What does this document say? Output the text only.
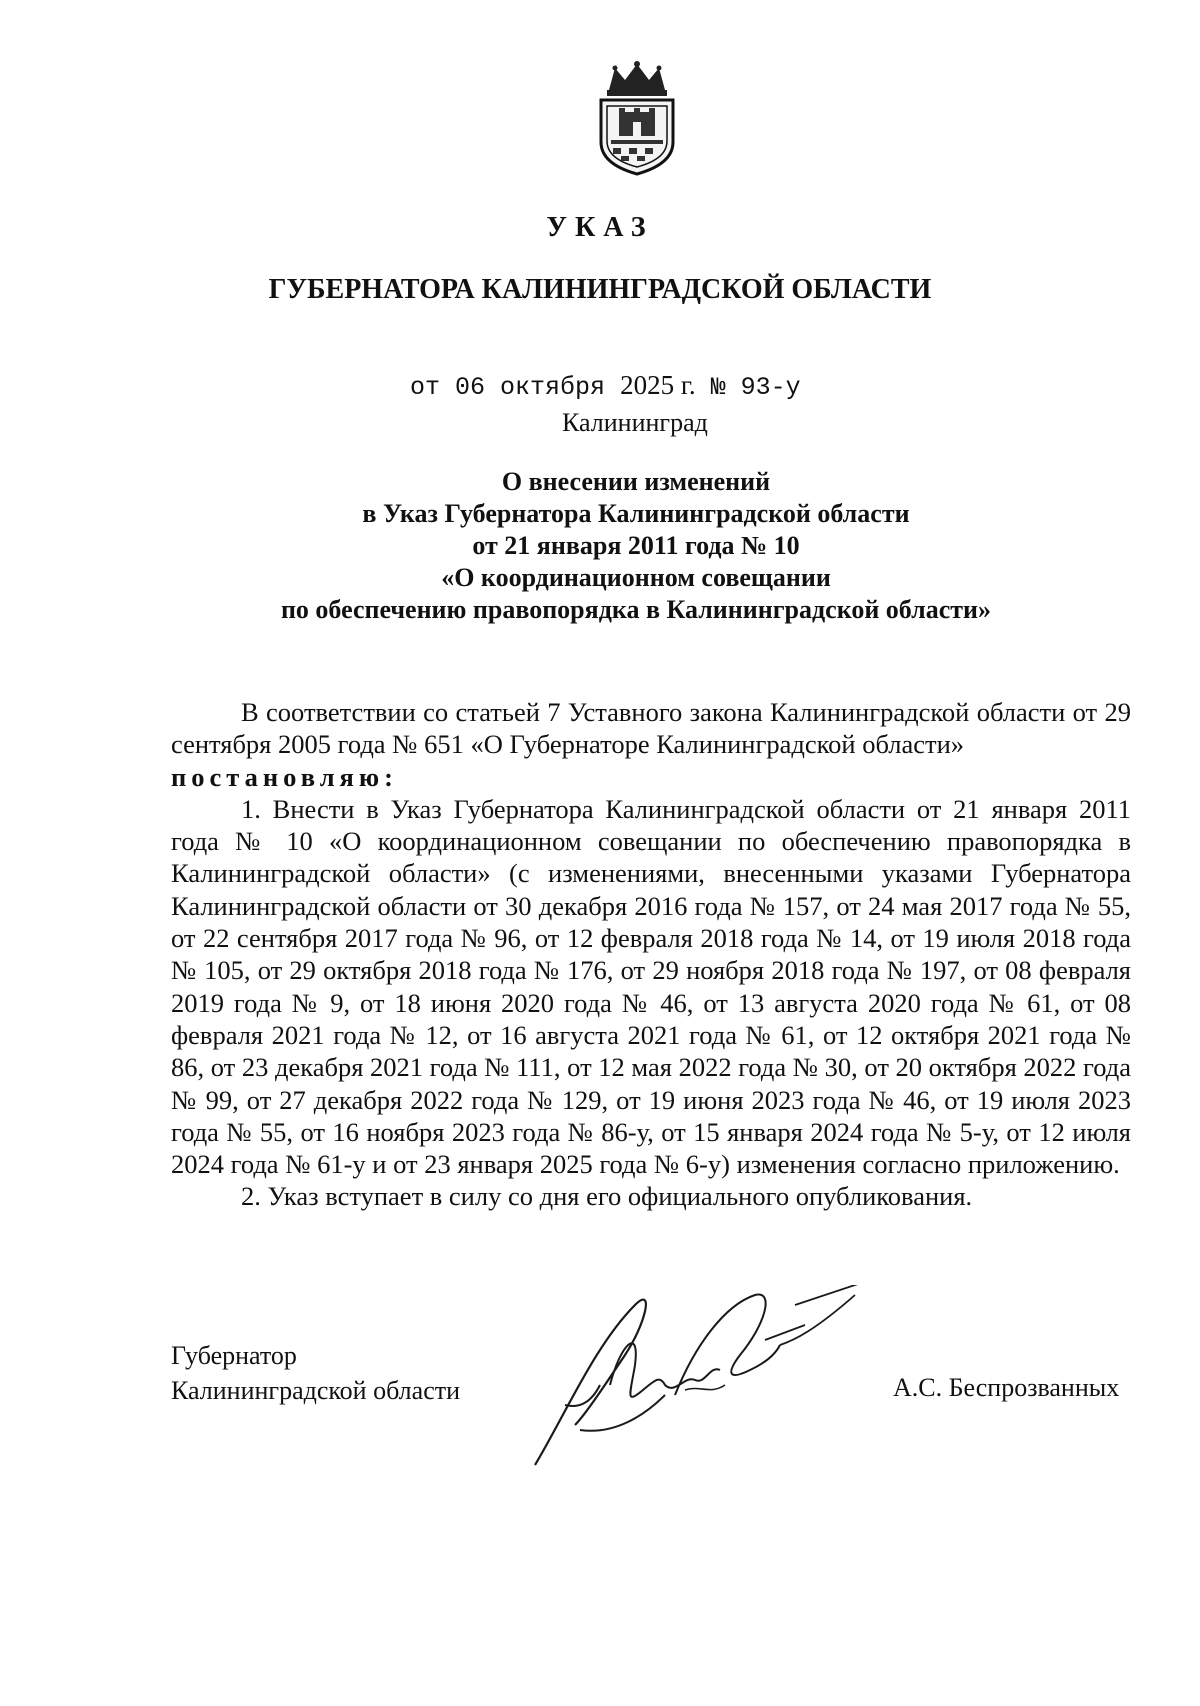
УКАЗ
ГУБЕРНАТОРА КАЛИНИНГРАДСКОЙ ОБЛАСТИ
от 06 октября 2025 г. № 93-у
Калининград
О внесении изменений
в Указ Губернатора Калининградской области
от 21 января 2011 года № 10
«О координационном совещании
по обеспечению правопорядка в Калининградской области»

В соответствии со статьей 7 Уставного закона Калининградской области от 29 сентября 2005 года № 651 «О Губернаторе Калининградской области»

постановляю:

1. Внести в Указ Губернатора Калининградской области от 21 января 2011 года № 10 «О координационном совещании по обеспечению правопорядка в Калининградской области» (с изменениями, внесенными указами Губернатора Калининградской области от 30 декабря 2016 года № 157, от 24 мая 2017 года № 55, от 22 сентября 2017 года № 96, от 12 февраля 2018 года № 14, от 19 июля 2018 года № 105, от 29 октября 2018 года № 176, от 29 ноября 2018 года № 197, от 08 февраля 2019 года № 9, от 18 июня 2020 года № 46, от 13 августа 2020 года № 61, от 08 февраля 2021 года № 12, от 16 августа 2021 года № 61, от 12 октября 2021 года № 86, от 23 декабря 2021 года № 111, от 12 мая 2022 года № 30, от 20 октября 2022 года № 99, от 27 декабря 2022 года № 129, от 19 июня 2023 года № 46, от 19 июля 2023 года № 55, от 16 ноября 2023 года № 86-у, от 15 января 2024 года № 5-у, от 12 июля 2024 года № 61-у и от 23 января 2025 года № 6-у) изменения согласно приложению.

2. Указ вступает в силу со дня его официального опубликования.

Губернатор
Калининградской области	А.С. Беспрозванных
